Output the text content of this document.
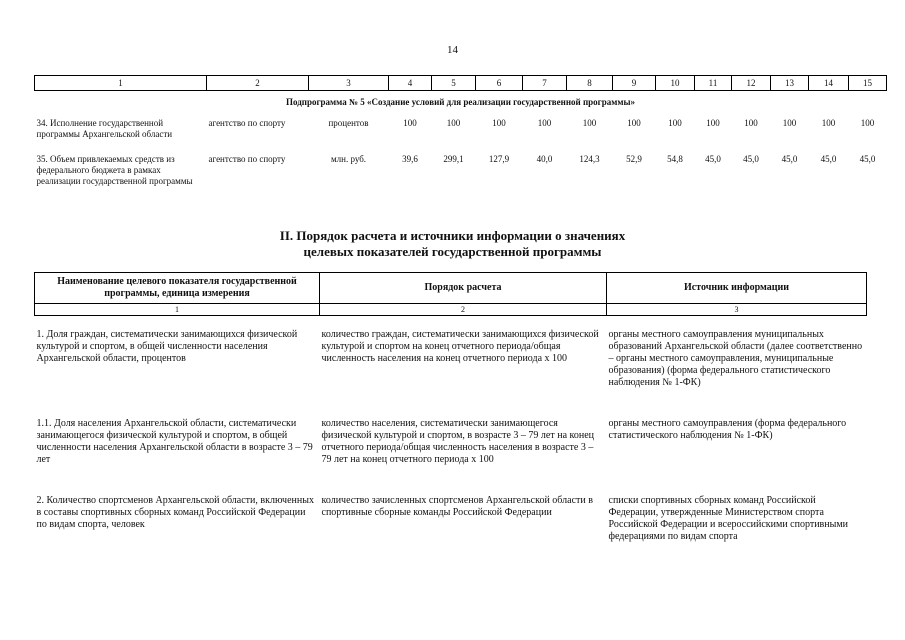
14
1	2	3	4	5	6	7	8	9	10	11	12	13	14	15
Подпрограмма № 5 «Создание условий для реализации государственной программы»														
34. Исполнение государственной программы Архангельской области	агентство по спорту	процентов	100	100	100	100	100	100	100	100	100	100	100	100
35. Объем привлекаемых средств из федерального бюджета в рамках реализации государственной программы	агентство по спорту	млн. руб.	39,6	299,1	127,9	40,0	124,3	52,9	54,8	45,0	45,0	45,0	45,0	45,0
II. Порядок расчета и источники информации о значениях
целевых показателей государственной программы
Наименование целевого показателя государственной программы, единица измерения	Порядок расчета	Источник информации
1	2	3
1. Доля граждан, систематически занимающихся физической культурой и спортом, в общей численности населения Архангельской области, процентов	количество граждан, систематически занимающихся физической культурой и спортом на конец отчетного периода/общая численность населения на конец отчетного периода х 100	органы местного самоуправления муниципальных образований Архангельской области (далее соответственно – органы местного самоуправления, муниципальные образования) (форма федерального статистического наблюдения № 1-ФК)
1.1. Доля населения Архангельской области, систематически занимающегося физической культурой и спортом, в общей численности населения Архангельской области в возрасте 3 – 79 лет	количество населения, систематически занимающегося физической культурой и спортом, в возрасте 3 – 79 лет на конец отчетного периода/общая численность населения в возрасте 3 – 79 лет на конец отчетного периода х 100	органы местного самоуправления (форма федерального статистического наблюдения № 1-ФК)
2. Количество спортсменов Архангельской области, включенных в составы спортивных сборных команд Российской Федерации по видам спорта, человек	количество зачисленных спортсменов Архангельской области в спортивные сборные команды Российской Федерации	списки спортивных сборных команд Российской Федерации, утвержденные Министерством спорта Российской Федерации и всероссийскими спортивными федерациями по видам спорта
